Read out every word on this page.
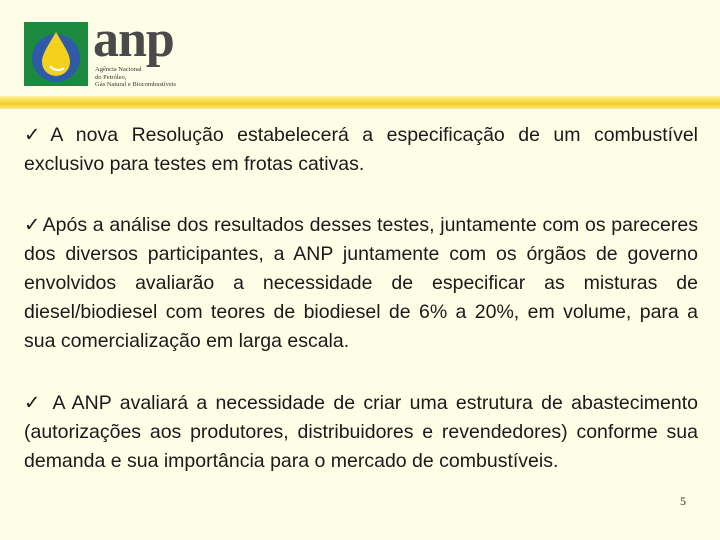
anp
Agência Nacional
do Petróleo,
Gás Natural e Biocombustíveis

✓ A nova Resolução estabelecerá a especificação de um combustível exclusivo para testes em frotas cativas.

✓ Após a análise dos resultados desses testes, juntamente com os pareceres dos diversos participantes, a ANP juntamente com os órgãos de governo envolvidos avaliarão a necessidade de especificar as misturas de diesel/biodiesel com teores de biodiesel de 6% a 20%, em volume, para a sua comercialização em larga escala.

✓ A ANP avaliará a necessidade de criar uma estrutura de abastecimento (autorizações aos produtores, distribuidores e revendedores) conforme sua demanda e sua importância para o mercado de combustíveis.

5
